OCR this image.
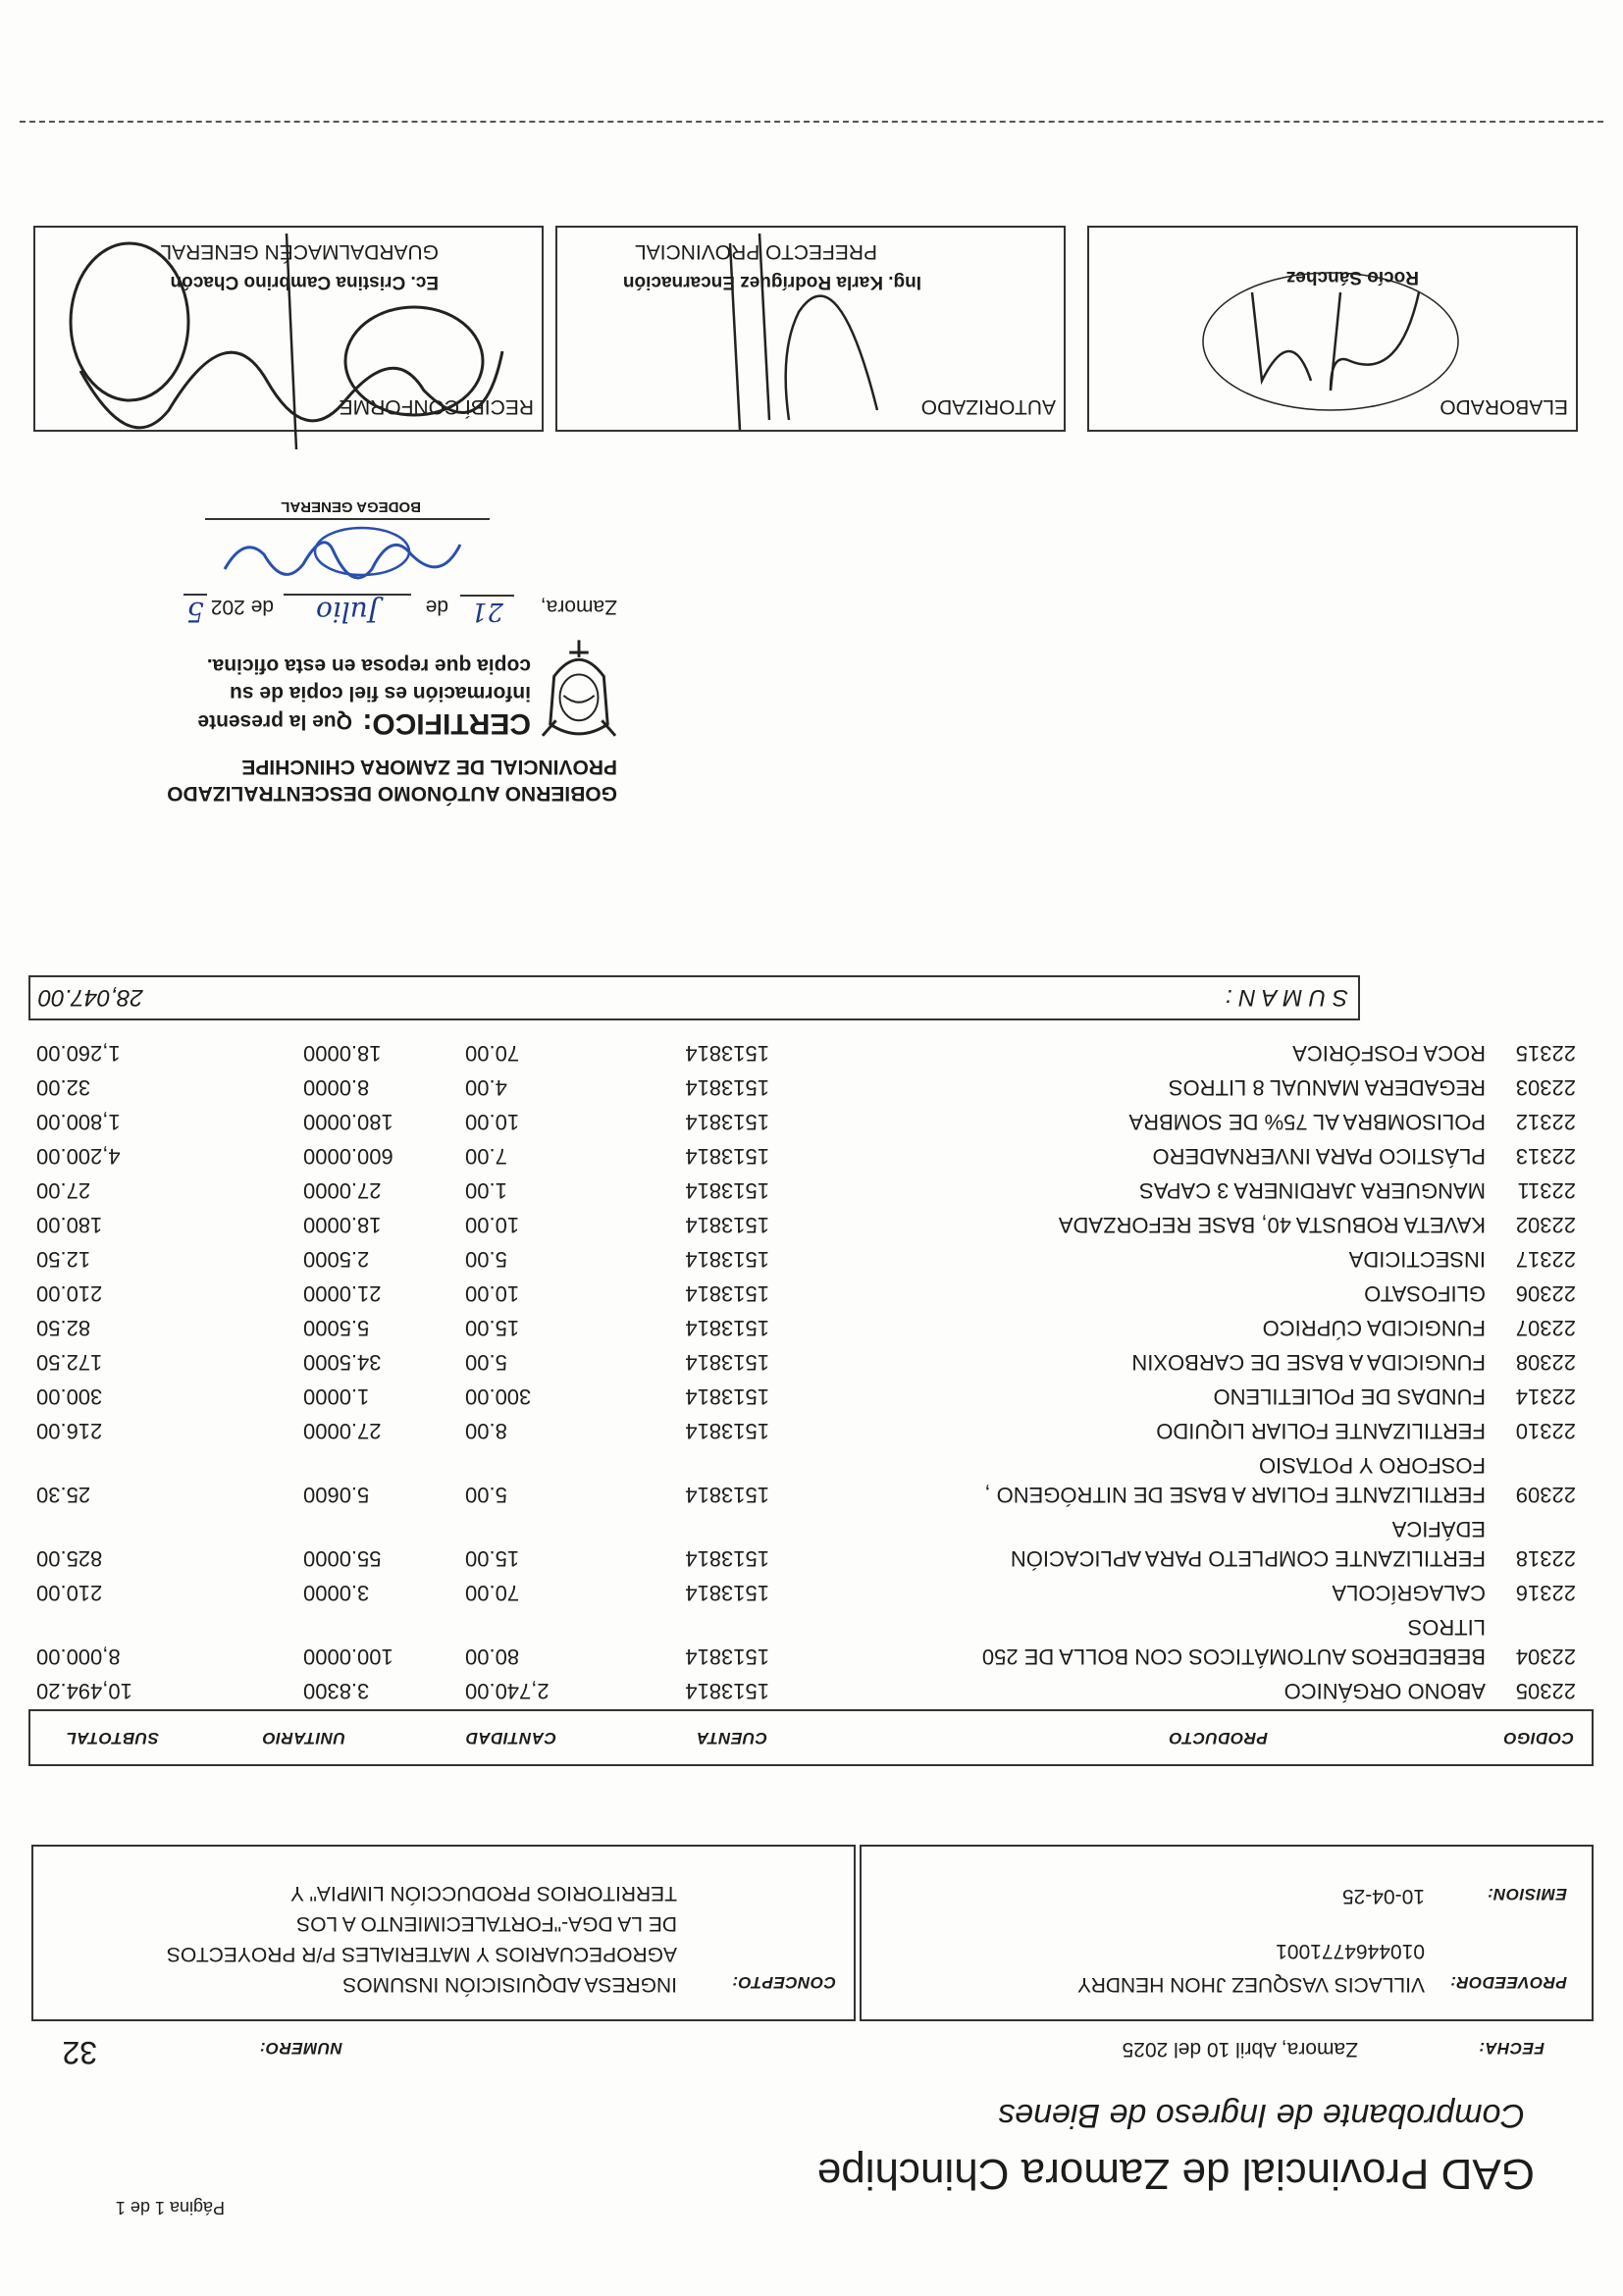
Página 1 de 1
GAD Provincial de Zamora Chinchipe
Comprobante de Ingreso de Bienes
FECHA:
Zamora, Abril 10 del 2025
NUMERO:
32
PROVEEDOR:
VILLACIS VASQUEZ JHON HENDRY
0104464771001
EMISION:
10-04-25
CONCEPTO:
INGRESA ADQUISICIÓN INSUMOS
AGROPECUARIOS Y MATERIALES P/R PROYECTOS
DE LA DGA-"FORTALECIMIENTO A LOS
TERRITORIOS PRODUCCIÓN LIMPIA" Y
CODIGO
PRODUCTO
CUENTA
CANTIDAD
UNITARIO
SUBTOTAL
22305
ABONO ORGÁNICO
1513814
2,740.00
3.8300
10,494.20
22304
BEBEDEROS AUTOMÁTICOS CON BOLLA DE 250
LITROS
1513814
80.00
100.0000
8,000.00
22316
CALAGRÍCOLA
1513814
70.00
3.0000
210.00
22318
FERTILIZANTE COMPLETO PARA APLICACIÓN
EDÁFICA
1513814
15.00
55.0000
825.00
22309
FERTILIZANTE FOLIAR A BASE DE NITRÓGENO ,
FOSFORO Y POTASIO
1513814
5.00
5.0600
25.30
22310
FERTILIZANTE FOLIAR LIQUIDO
1513814
8.00
27.0000
216.00
22314
FUNDAS DE POLIETILENO
1513814
300.00
1.0000
300.00
22308
FUNGICIDA A BASE DE CARBOXIN
1513814
5.00
34.5000
172.50
22307
FUNGICIDA CÚPRICO
1513814
15.00
5.5000
82.50
22306
GLIFOSATO
1513814
10.00
21.0000
210.00
22317
INSECTICIDA
1513814
5.00
2.5000
12.50
22302
KAVETA ROBUSTA 40, BASE REFORZADA
1513814
10.00
18.0000
180.00
22311
MANGUERA JARDINERA 3 CAPAS
1513814
1.00
27.0000
27.00
22313
PLÁSTICO PARA INVERNADERO
1513814
7.00
600.0000
4,200.00
22312
POLISOMBRA AL 75% DE SOMBRA
1513814
10.00
180.0000
1,800.00
22303
REGADERA MANUAL 8 LITROS
1513814
4.00
8.0000
32.00
22315
ROCA FOSFÓRICA
1513814
70.00
18.0000
1,260.00
S U M A N :
28,047.00
GOBIERNO AUTÓNOMO DESCENTRALIZADO
PROVINCIAL DE ZAMORA CHINCHIPE
CERTIFICO:
Que la presente
información es fiel copia de su
copia que reposa en esta oficina.
Zamora,
21
de
Julio
de 202
5
BODEGA GENERAL
ELABORADO
Rocío Sánchez
AUTORIZADO
Ing. Karla Rodríguez Encarnación
PREFECTO PROVINCIAL
RECIBÍ CONFORME
Ec. Cristina Cambrino Chacón
GUARDALMACÉN GENERAL
